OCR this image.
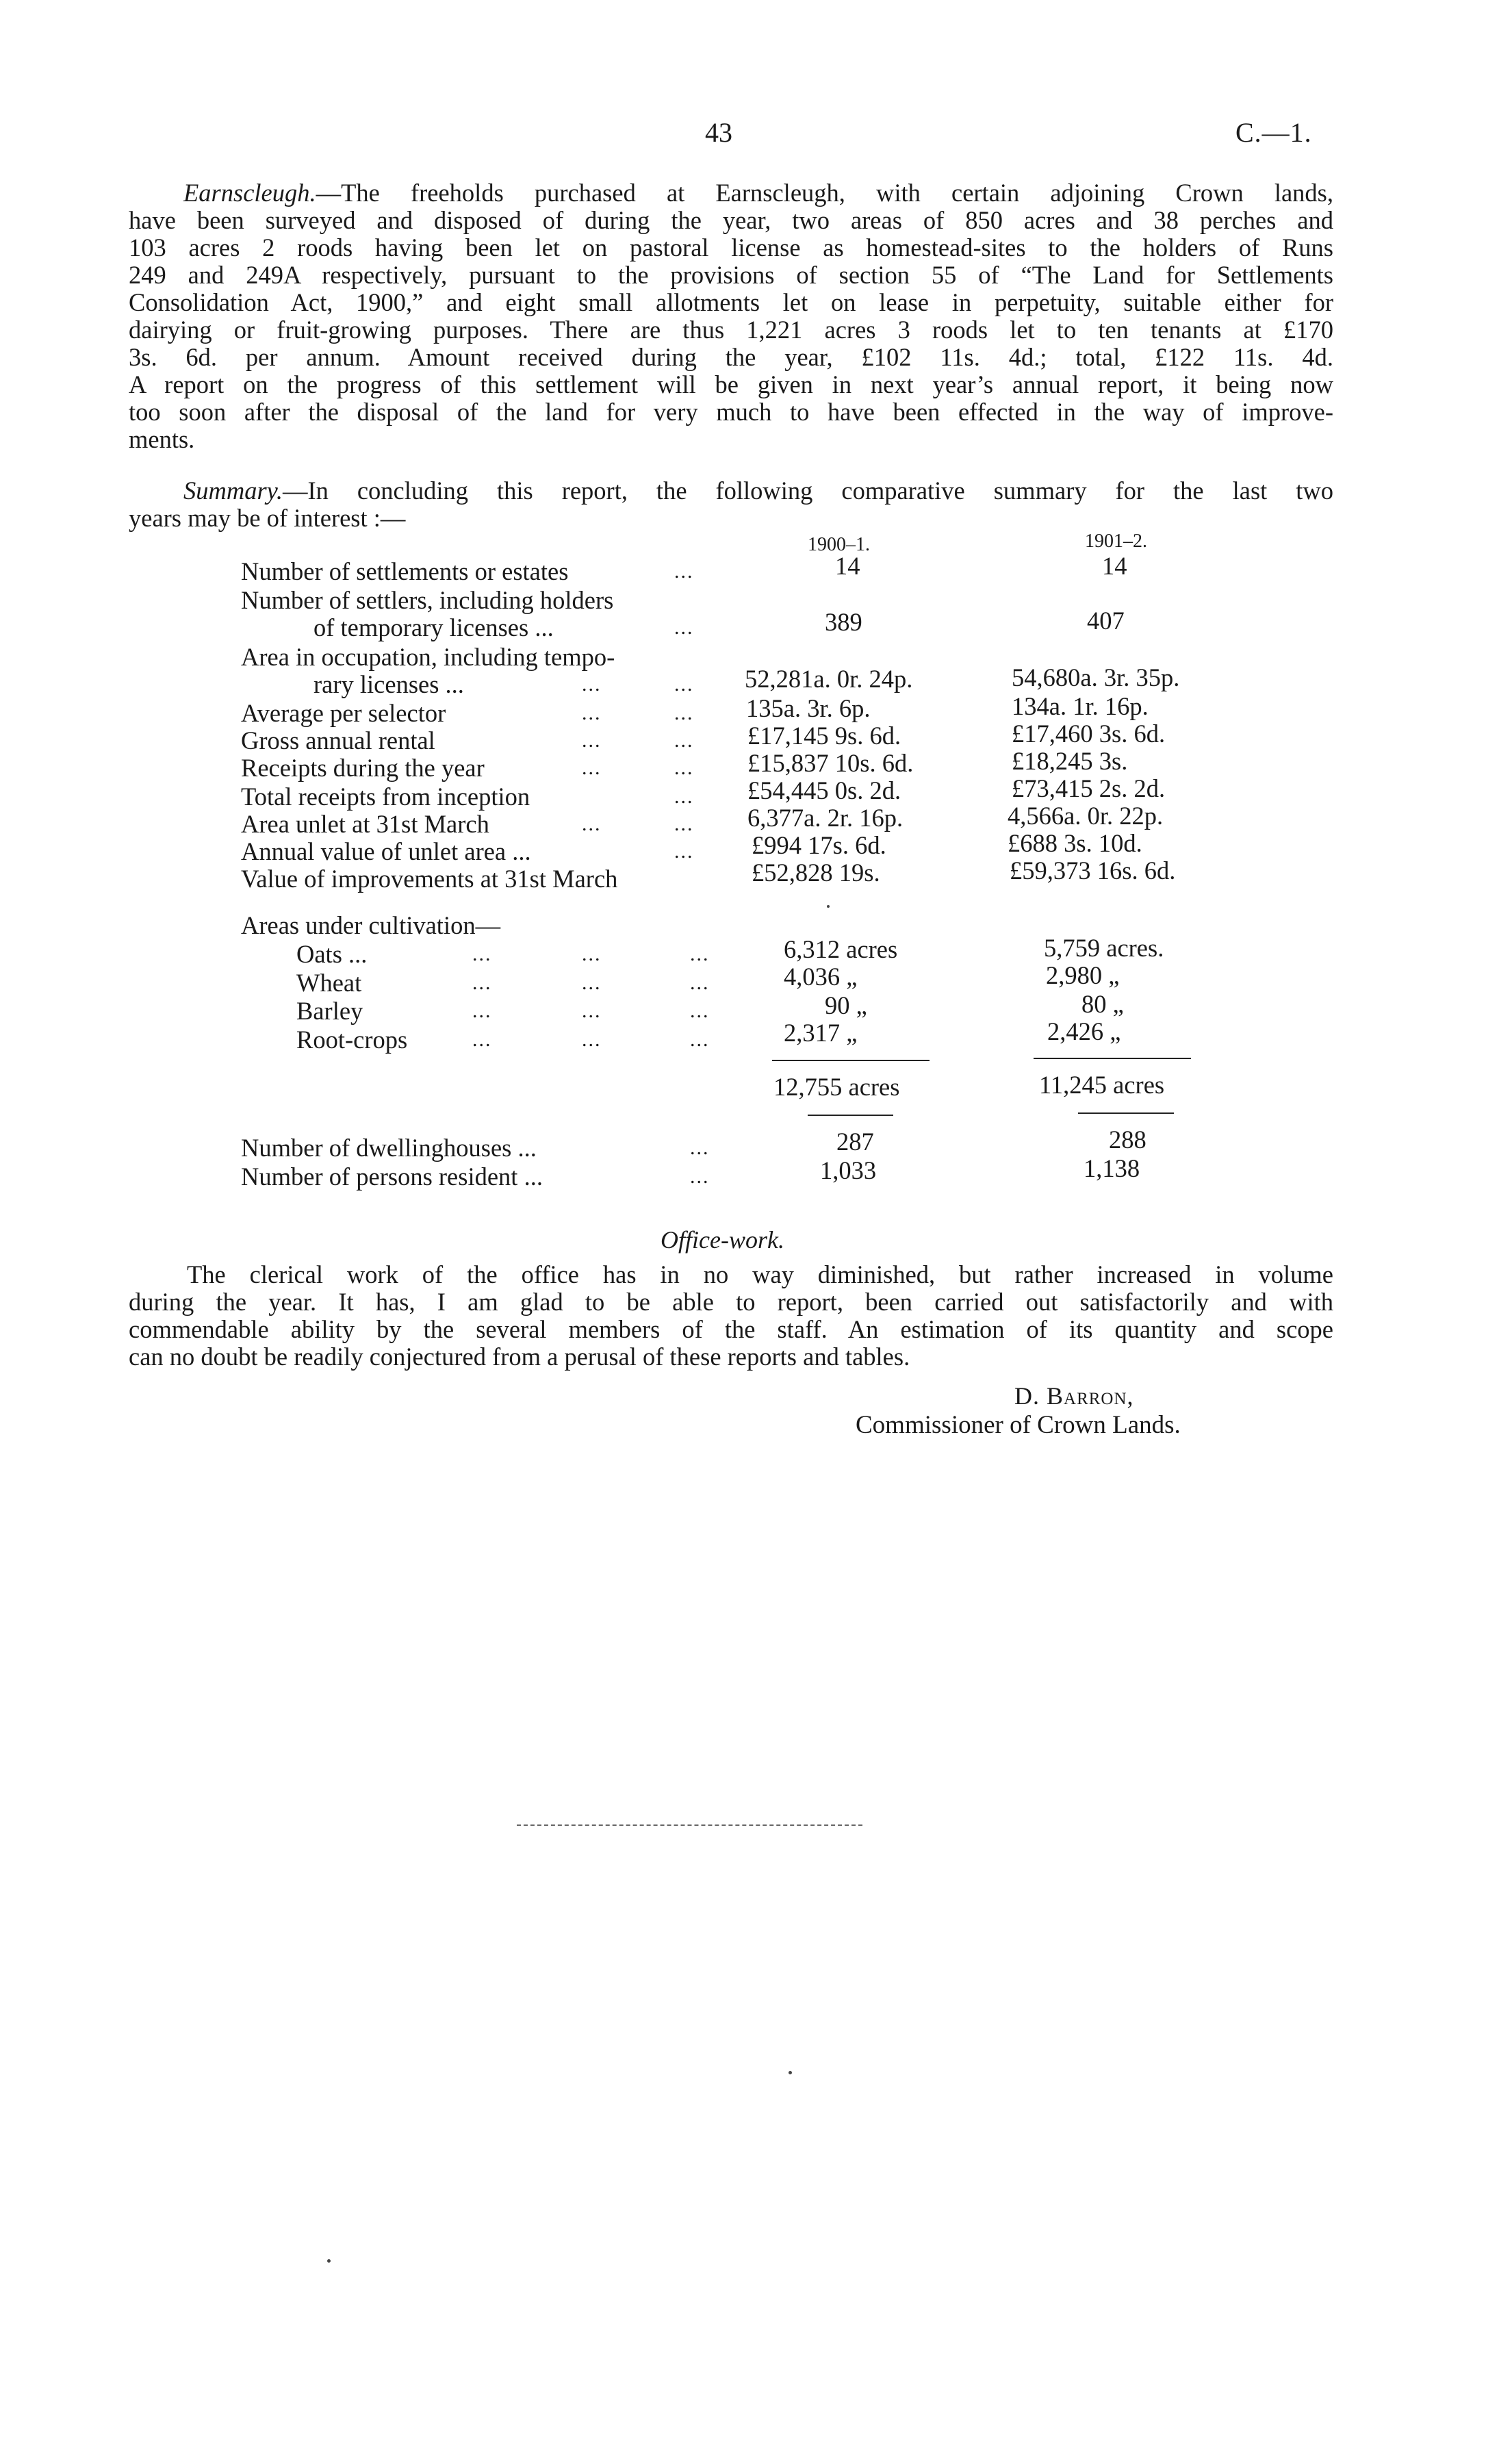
43	C.—1.
Earnscleugh.—The freeholds purchased at Earnscleugh, with certain adjoining Crown lands,
have been surveyed and disposed of during the year, two areas of 850 acres and 38 perches and
103 acres 2 roods having been let on pastoral license as homestead-sites to the holders of Runs
249 and 249A respectively, pursuant to the provisions of section 55 of “The Land for Settlements
Consolidation Act, 1900,” and eight small allotments let on lease in perpetuity, suitable either for
dairying or fruit-growing purposes. There are thus 1,221 acres 3 roods let to ten tenants at £170
3s. 6d. per annum. Amount received during the year, £102 11s. 4d.; total, £122 11s. 4d.
A report on the progress of this settlement will be given in next year’s annual report, it being now
too soon after the disposal of the land for very much to have been effected in the way of improve-
ments.
Summary.—In concluding this report, the following comparative summary for the last two
years may be of interest :—
1900–1.	1901–2.
Number of settlements or estates	...	14	14
Number of settlers, including holders
of temporary licenses ...	...	389	407
Area in occupation, including tempo-
rary licenses ...	...	... 52,281a. 0r. 24p.	54,680a. 3r. 35p.
Average per selector	...	... 135a. 3r. 6p.	134a. 1r. 16p.
Gross annual rental	...	... £17,145 9s. 6d.	£17,460 3s. 6d.
Receipts during the year	...	... £15,837 10s. 6d.	£18,245 3s.
Total receipts from inception	... £54,445 0s. 2d.	£73,415 2s. 2d.
Area unlet at 31st March	...	... 6,377a. 2r. 16p.	4,566a. 0r. 22p.
Annual value of unlet area ...	... £994 17s. 6d.	£688 3s. 10d.
Value of improvements at 31st March	£52,828 19s.	£59,373 16s. 6d.
Areas under cultivation—
Oats ...	...	...	...	6,312 acres	5,759 acres.
Wheat	...	...	...	4,036 „	2,980 „
Barley	...	...	...	90 „	80 „
Root-crops	...	...	...	2,317 „	2,426 „
12,755 acres	11,245 acres
Number of dwellinghouses ...	...	287	288
Number of persons resident ...	...	1,033	1,138
Office-work.
The clerical work of the office has in no way diminished, but rather increased in volume
during the year. It has, I am glad to be able to report, been carried out satisfactorily and with
commendable ability by the several members of the staff. An estimation of its quantity and scope
can no doubt be readily conjectured from a perusal of these reports and tables.
D. Barron,
Commissioner of Crown Lands.
